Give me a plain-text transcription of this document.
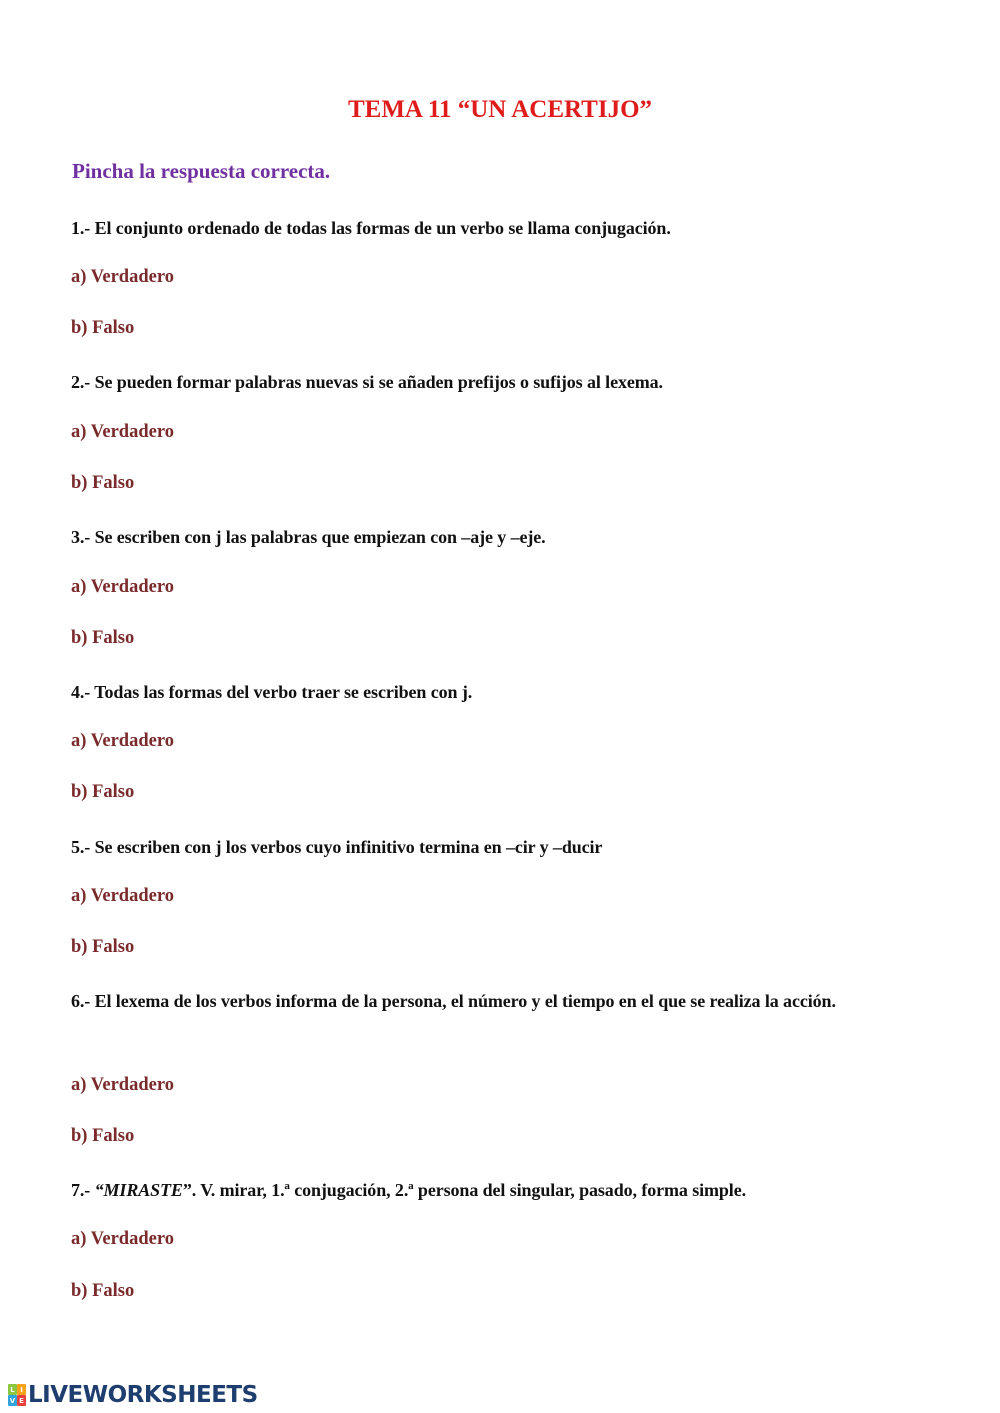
TEMA 11 “UN ACERTIJO”
Pincha la respuesta correcta.
1.- El conjunto ordenado de todas las formas de un verbo se llama conjugación.
a) Verdadero
b) Falso
2.- Se pueden formar palabras nuevas si se añaden prefijos o sufijos al lexema.
a) Verdadero
b) Falso
3.- Se escriben con j las palabras que empiezan con –aje y –eje.
a) Verdadero
b) Falso
4.- Todas las formas del verbo traer se escriben con j.
a) Verdadero
b) Falso
5.- Se escriben con j los verbos cuyo infinitivo termina en –cir y –ducir
a) Verdadero
b) Falso
6.- El lexema de los verbos informa de la persona, el número y el tiempo en el que se realiza la acción.
a) Verdadero
b) Falso
7.- “MIRASTE”. V. mirar, 1.ª conjugación, 2.ª persona del singular, pasado, forma simple.
a) Verdadero
b) Falso
L I
V E LIVEWORKSHEETS
